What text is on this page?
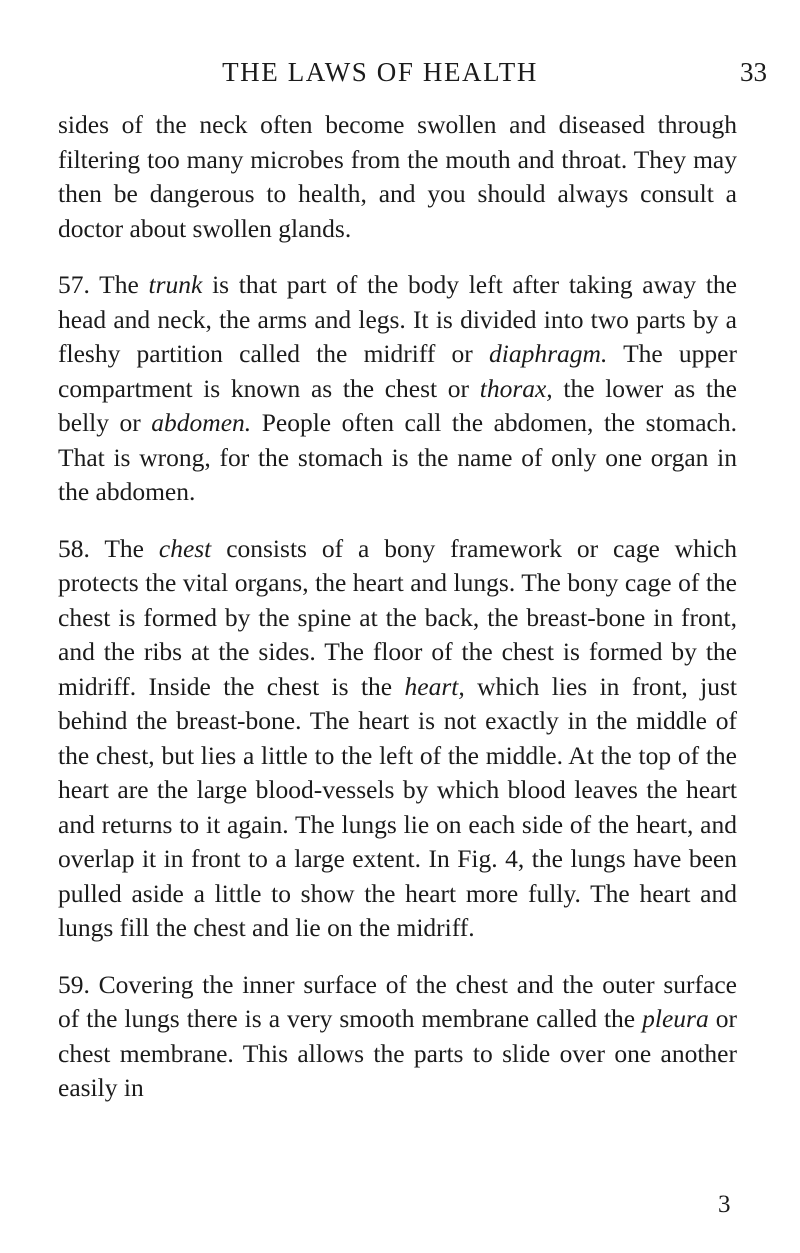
THE LAWS OF HEALTH	33

sides of the neck often become swollen and diseased through filtering too many microbes from the mouth and throat. They may then be dangerous to health, and you should always consult a doctor about swollen glands.

57. The trunk is that part of the body left after taking away the head and neck, the arms and legs. It is divided into two parts by a fleshy partition called the midriff or diaphragm. The upper compartment is known as the chest or thorax, the lower as the belly or abdomen. People often call the abdomen, the stomach. That is wrong, for the stomach is the name of only one organ in the abdomen.

58. The chest consists of a bony framework or cage which protects the vital organs, the heart and lungs. The bony cage of the chest is formed by the spine at the back, the breast-bone in front, and the ribs at the sides. The floor of the chest is formed by the midriff. Inside the chest is the heart, which lies in front, just behind the breast-bone. The heart is not exactly in the middle of the chest, but lies a little to the left of the middle. At the top of the heart are the large blood-vessels by which blood leaves the heart and returns to it again. The lungs lie on each side of the heart, and overlap it in front to a large extent. In Fig. 4, the lungs have been pulled aside a little to show the heart more fully. The heart and lungs fill the chest and lie on the midriff.

59. Covering the inner surface of the chest and the outer surface of the lungs there is a very smooth membrane called the pleura or chest membrane. This allows the parts to slide over one another easily in

3
